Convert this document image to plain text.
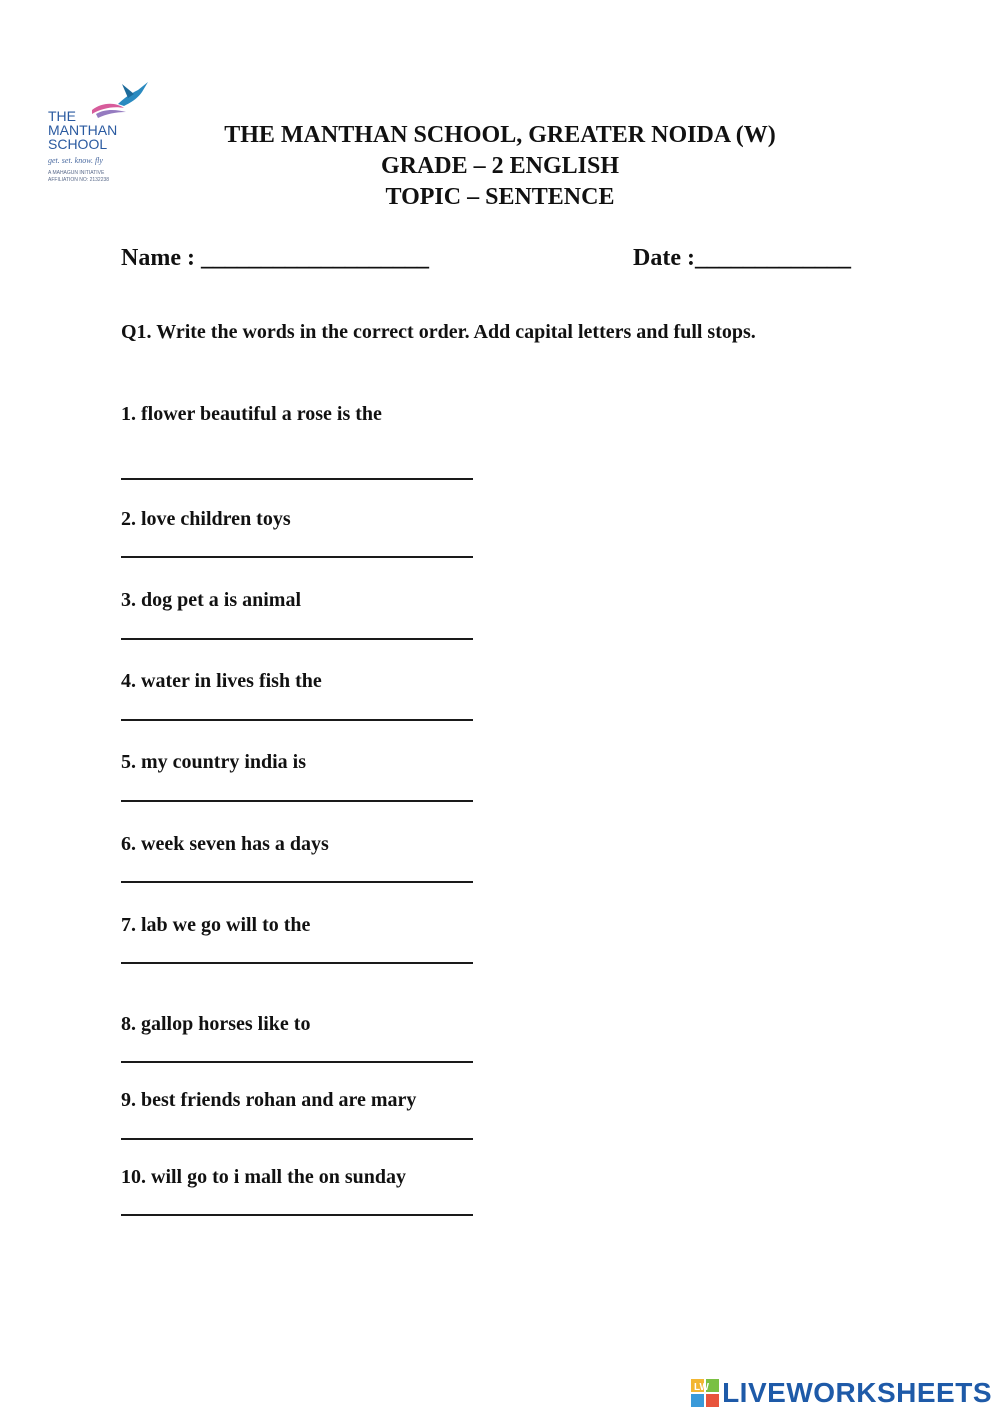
THE
MANTHAN
SCHOOL
get. set. know. fly
A MAHAGUN INITIATIVE
AFFILIATION NO: 2132238
THE MANTHAN SCHOOL, GREATER NOIDA (W)
GRADE – 2 ENGLISH
TOPIC – SENTENCE
Name : ___________________	Date :_____________
Q1. Write the words in the correct order. Add capital letters and full stops.
1. flower beautiful a rose is the
2. love children toys
3. dog pet a is animal
4. water in lives fish the
5. my country india is
6. week seven has a days
7. lab we go will to the
8. gallop horses like to
9. best friends rohan and are mary
10. will go to i mall the on sunday
LW LIVEWORKSHEETS
